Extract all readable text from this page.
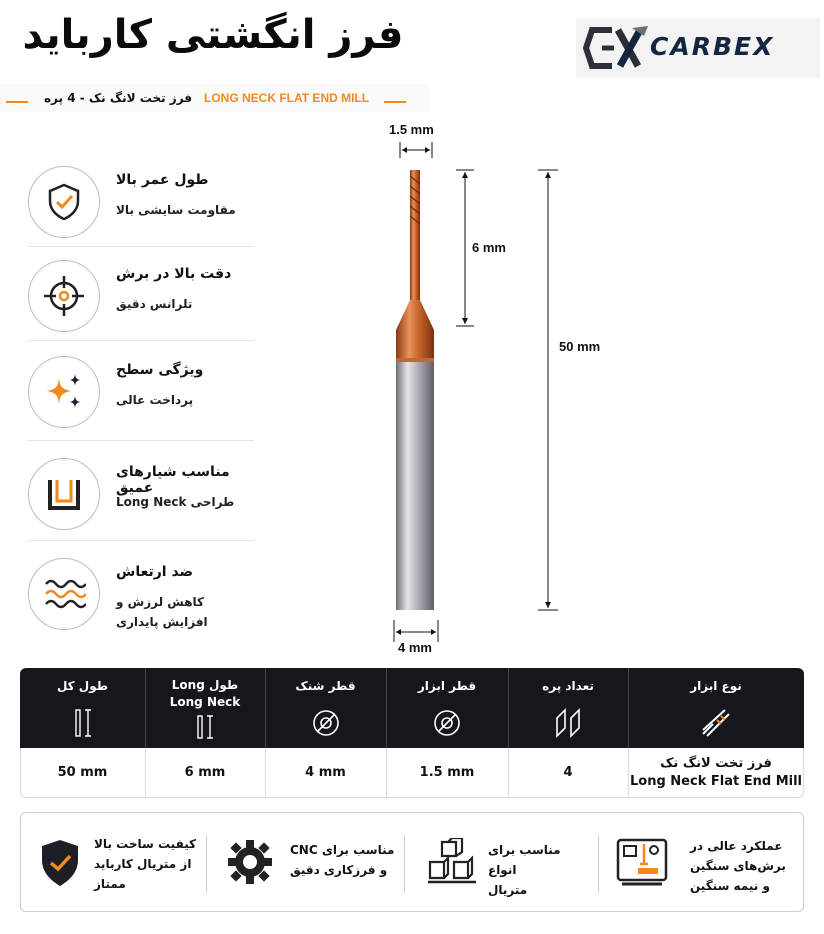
فرز انگشتی کارباید	CARBEX
فرز تخت لانگ نک - 4 پره LONG NECK FLAT END MILL
طول عمر بالا
مقاومت سایشی بالا
دقت بالا در برش
تلرانس دقیق
ویژگی سطح
پرداخت عالی
مناسب شیارهای عمیق
طراحی Long Neck
ضد ارتعاش
کاهش لرزش و
افزایش پایداری
1.5 mm
6 mm
50 mm
4 mm
نوع ابزار
تعداد پره
قطر ابزار
قطر شنک
طول Long
Long Neck
طول کل
فرز تخت لانگ نک
Long Neck Flat End Mill
4
1.5 mm
4 mm
6 mm
50 mm
عملکرد عالی در
برش‌های سنگین
و نیمه سنگین
مناسب برای انواع
متریال
مناسب برای CNC
و فرزکاری دقیق
کیفیت ساخت بالا
از متریال کارباید
ممتاز
